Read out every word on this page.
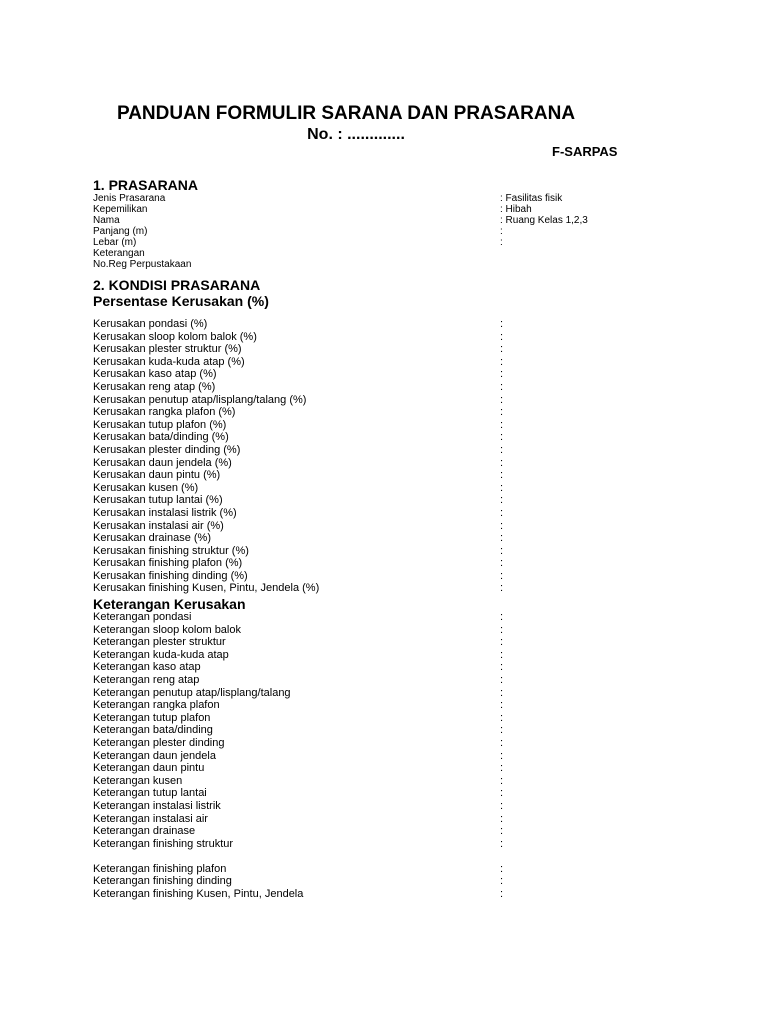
PANDUAN FORMULIR SARANA DAN PRASARANA
No. : .............
F-SARPAS
1. PRASARANA
Jenis Prasarana	: Fasilitas fisik
Kepemilikan	: Hibah
Nama	: Ruang Kelas 1,2,3
Panjang (m)	:
Lebar (m)	:
Keterangan
No.Reg Perpustakaan
2. KONDISI PRASARANA
Persentase Kerusakan (%)
Kerusakan pondasi (%)	:
Kerusakan sloop kolom balok (%)	:
Kerusakan plester struktur (%)	:
Kerusakan kuda-kuda atap (%)	:
Kerusakan kaso atap (%)	:
Kerusakan reng atap (%)	:
Kerusakan penutup atap/lisplang/talang (%)	:
Kerusakan rangka plafon (%)	:
Kerusakan tutup plafon (%)	:
Kerusakan bata/dinding (%)	:
Kerusakan plester dinding (%)	:
Kerusakan daun jendela (%)	:
Kerusakan daun pintu (%)	:
Kerusakan kusen (%)	:
Kerusakan tutup lantai (%)	:
Kerusakan instalasi listrik (%)	:
Kerusakan instalasi air (%)	:
Kerusakan drainase (%)	:
Kerusakan finishing struktur (%)	:
Kerusakan finishing plafon (%)	:
Kerusakan finishing dinding (%)	:
Kerusakan finishing Kusen, Pintu, Jendela (%)	:
Keterangan Kerusakan
Keterangan pondasi	:
Keterangan sloop kolom balok	:
Keterangan plester struktur	:
Keterangan kuda-kuda atap	:
Keterangan kaso atap	:
Keterangan reng atap	:
Keterangan penutup atap/lisplang/talang	:
Keterangan rangka plafon	:
Keterangan tutup plafon	:
Keterangan bata/dinding	:
Keterangan plester dinding	:
Keterangan daun jendela	:
Keterangan daun pintu	:
Keterangan kusen	:
Keterangan tutup lantai	:
Keterangan instalasi listrik	:
Keterangan instalasi air	:
Keterangan drainase	:
Keterangan finishing struktur	:
Keterangan finishing plafon	:
Keterangan finishing dinding	:
Keterangan finishing Kusen, Pintu, Jendela	:
